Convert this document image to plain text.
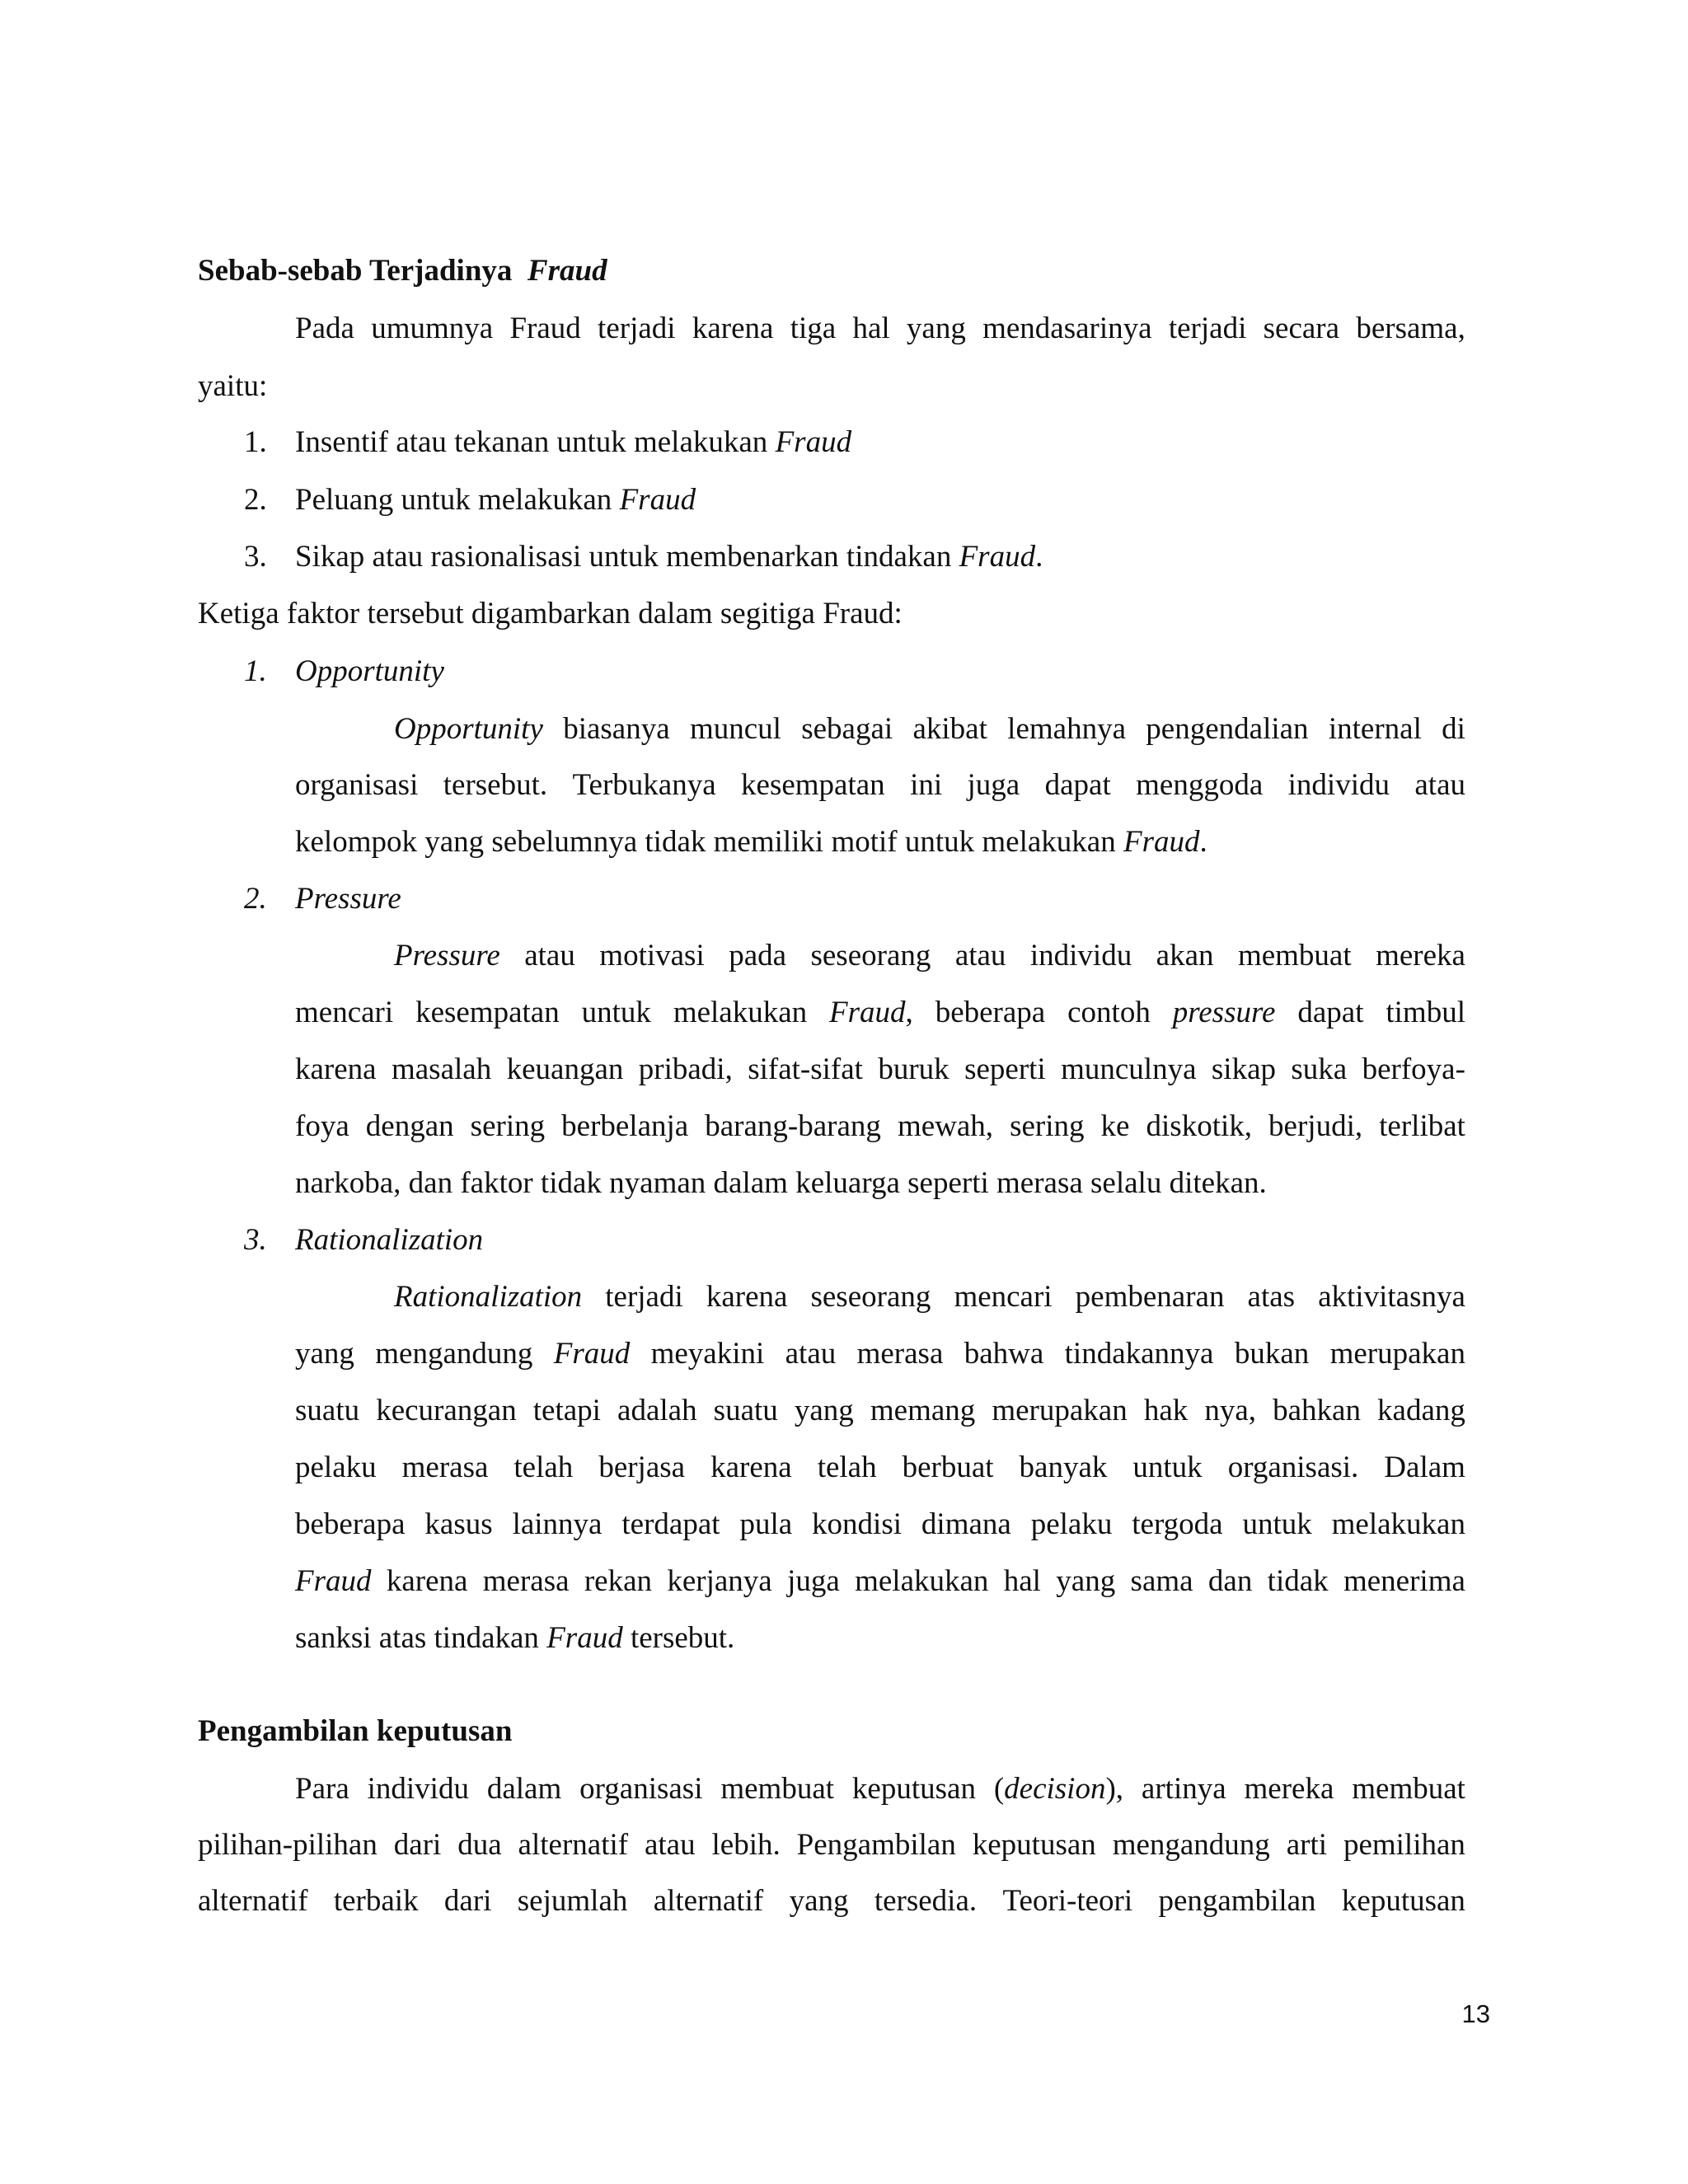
Sebab-sebab Terjadinya Fraud
Pada umumnya Fraud terjadi karena tiga hal yang mendasarinya terjadi secara bersama,
yaitu:
1. Insentif atau tekanan untuk melakukan Fraud
2. Peluang untuk melakukan Fraud
3. Sikap atau rasionalisasi untuk membenarkan tindakan Fraud.
Ketiga faktor tersebut digambarkan dalam segitiga Fraud:
1. Opportunity
Opportunity biasanya muncul sebagai akibat lemahnya pengendalian internal di
organisasi tersebut. Terbukanya kesempatan ini juga dapat menggoda individu atau
kelompok yang sebelumnya tidak memiliki motif untuk melakukan Fraud.
2. Pressure
Pressure atau motivasi pada seseorang atau individu akan membuat mereka
mencari kesempatan untuk melakukan Fraud, beberapa contoh pressure dapat timbul
karena masalah keuangan pribadi, sifat-sifat buruk seperti munculnya sikap suka berfoya-
foya dengan sering berbelanja barang-barang mewah, sering ke diskotik, berjudi, terlibat
narkoba, dan faktor tidak nyaman dalam keluarga seperti merasa selalu ditekan.
3. Rationalization
Rationalization terjadi karena seseorang mencari pembenaran atas aktivitasnya
yang mengandung Fraud meyakini atau merasa bahwa tindakannya bukan merupakan
suatu kecurangan tetapi adalah suatu yang memang merupakan hak nya, bahkan kadang
pelaku merasa telah berjasa karena telah berbuat banyak untuk organisasi. Dalam
beberapa kasus lainnya terdapat pula kondisi dimana pelaku tergoda untuk melakukan
Fraud karena merasa rekan kerjanya juga melakukan hal yang sama dan tidak menerima
sanksi atas tindakan Fraud tersebut.
Pengambilan keputusan
Para individu dalam organisasi membuat keputusan (decision), artinya mereka membuat
pilihan-pilihan dari dua alternatif atau lebih. Pengambilan keputusan mengandung arti pemilihan
alternatif terbaik dari sejumlah alternatif yang tersedia. Teori-teori pengambilan keputusan
13
